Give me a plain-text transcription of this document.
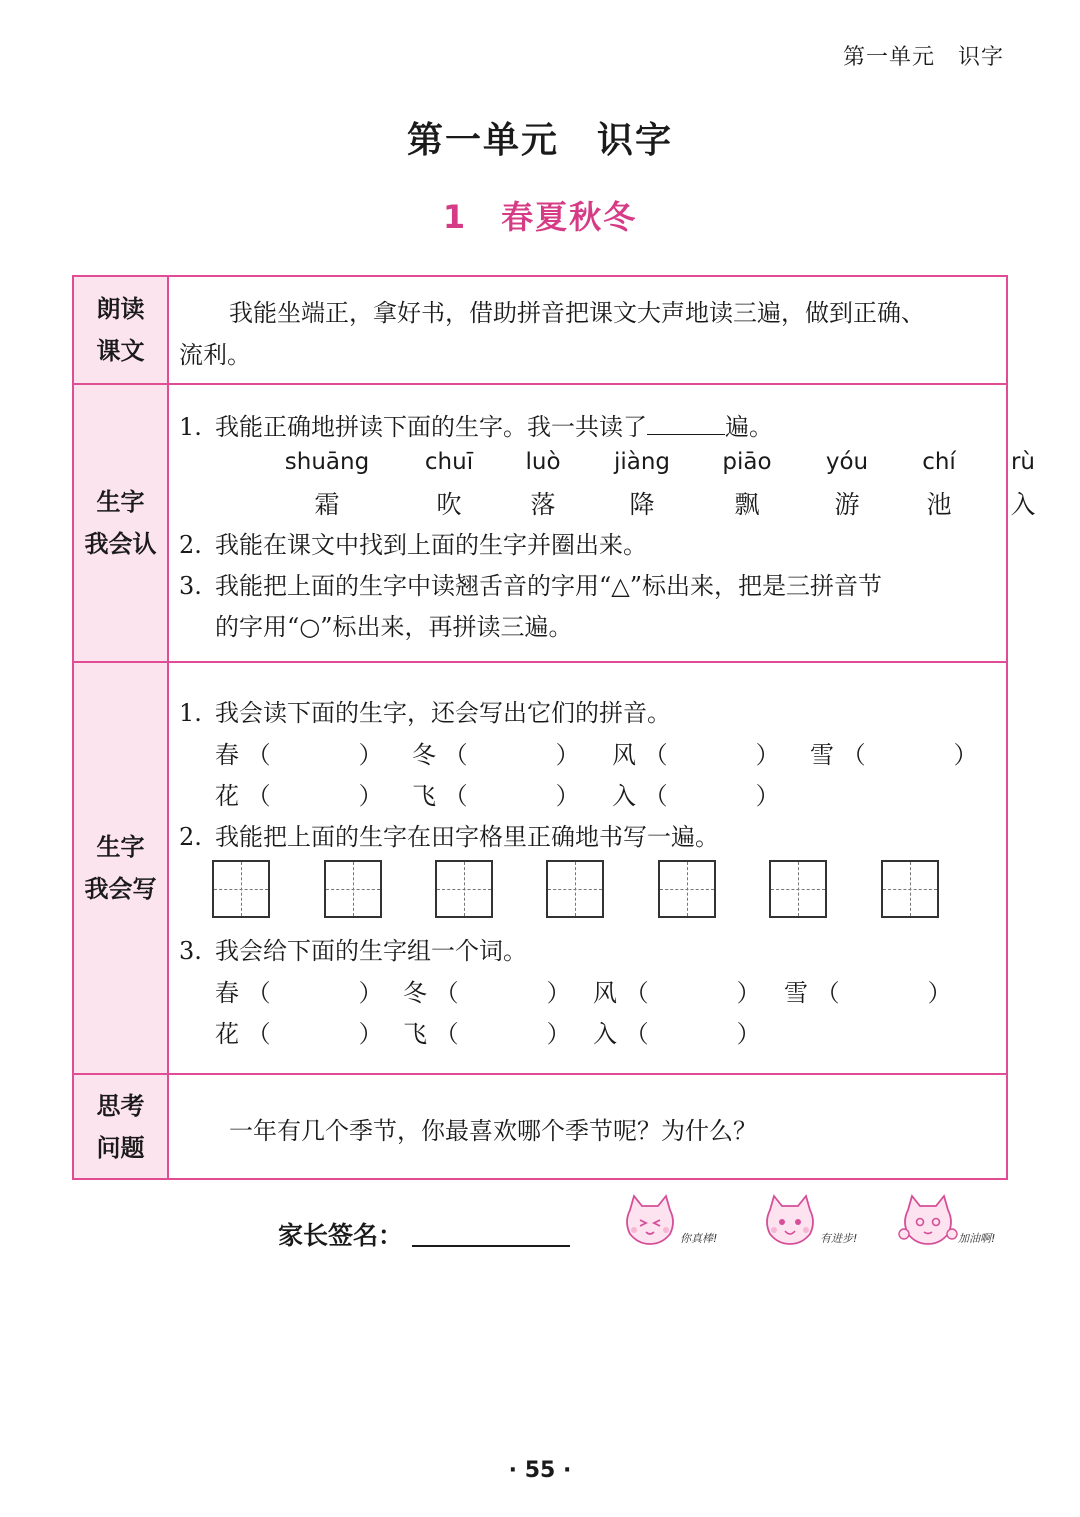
第一单元　识字
第一单元　识字
1　春夏秋冬
朗读
课文
我能坐端正，拿好书，借助拼音把课文大声地读三遍，做到正确、
流利。
生字
我会认
1. 我能正确地拼读下面的生字。我一共读了	遍。
shuāng chuī luò jiàng piāo yóu chí rù
霜	吹	落	降	飘	游	池 入
2. 我能在课文中找到上面的生字并圈出来。
3. 我能把上面的生字中读翘舌音的字用“△”标出来，把是三拼音节
的字用“○”标出来，再拼读三遍。
生字
我会写
1. 我会读下面的生字，还会写出它们的拼音。
春 （	） 冬 （	） 风 （	） 雪 （	）
花 （	） 飞 （	） 入 （	）
2. 我能把上面的生字在田字格里正确地书写一遍。
3. 我会给下面的生字组一个词。
春 （	） 冬 （	） 风 （	） 雪 （	）
花 （	） 飞 （	） 入 （	）
思考
问题
一年有几个季节，你最喜欢哪个季节呢？为什么？
家长签名：	你真棒!	有进步!	加油啊!
· 55 ·
